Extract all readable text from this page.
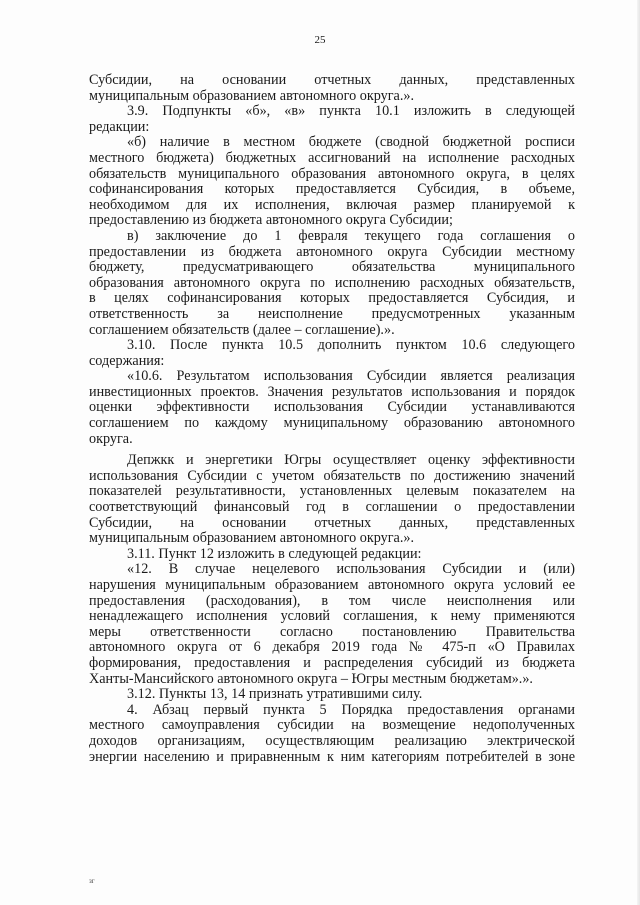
25

Субсидии, на основании отчетных данных, представленных

муниципальным образованием автономного округа.».

3.9. Подпункты «б», «в» пункта 10.1 изложить в следующей

редакции:

«б) наличие в местном бюджете (сводной бюджетной росписи

местного бюджета) бюджетных ассигнований на исполнение расходных

обязательств муниципального образования автономного округа, в целях

софинансирования которых предоставляется Субсидия, в объеме,

необходимом для их исполнения, включая размер планируемой к

предоставлению из бюджета автономного округа Субсидии;

в) заключение до 1 февраля текущего года соглашения о

предоставлении из бюджета автономного округа Субсидии местному

бюджету, предусматривающего обязательства муниципального

образования автономного округа по исполнению расходных обязательств,

в целях софинансирования которых предоставляется Субсидия, и

ответственность за неисполнение предусмотренных указанным

соглашением обязательств (далее – соглашение).».

3.10. После пункта 10.5 дополнить пунктом 10.6 следующего

содержания:

«10.6. Результатом использования Субсидии является реализация

инвестиционных проектов. Значения результатов использования и порядок

оценки эффективности использования Субсидии устанавливаются

соглашением по каждому муниципальному образованию автономного

округа.

Депжкк и энергетики Югры осуществляет оценку эффективности

использования Субсидии с учетом обязательств по достижению значений

показателей результативности, установленных целевым показателем на

соответствующий финансовый год в соглашении о предоставлении

Субсидии, на основании отчетных данных, представленных

муниципальным образованием автономного округа.».

3.11. Пункт 12 изложить в следующей редакции:

«12. В случае нецелевого использования Субсидии и (или)

нарушения муниципальным образованием автономного округа условий ее

предоставления (расходования), в том числе неисполнения или

ненадлежащего исполнения условий соглашения, к нему применяются

меры ответственности согласно постановлению Правительства

автономного округа от 6 декабря 2019 года № 475-п «О Правилах

формирования, предоставления и распределения субсидий из бюджета

Ханты-Мансийского автономного округа – Югры местным бюджетам».».

3.12. Пункты 13, 14 признать утратившими силу.

4. Абзац первый пункта 5 Порядка предоставления органами

местного самоуправления субсидии на возмещение недополученных

доходов организациям, осуществляющим реализацию электрической

энергии населению и приравненным к ним категориям потребителей в зоне

зг
